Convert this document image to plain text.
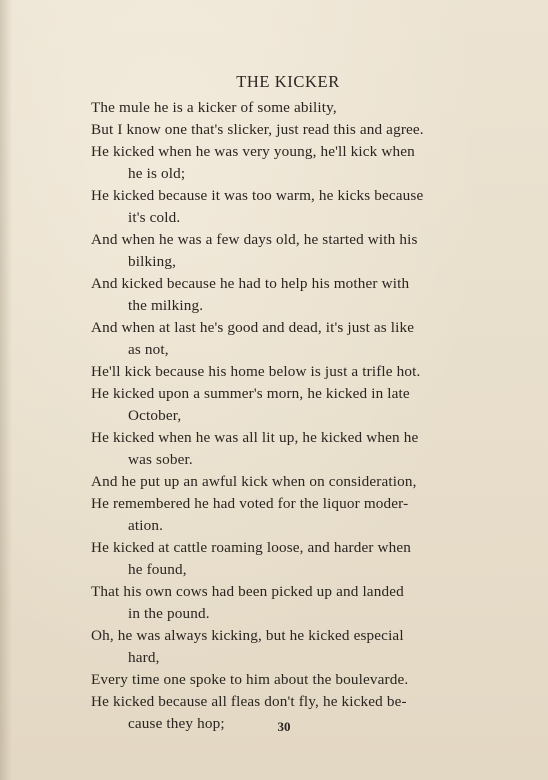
THE KICKER
The mule he is a kicker of some ability,
But I know one that's slicker, just read this and agree.
He kicked when he was very young, he'll kick when
he is old;
He kicked because it was too warm, he kicks because
it's cold.
And when he was a few days old, he started with his
bilking,
And kicked because he had to help his mother with
the milking.
And when at last he's good and dead, it's just as like
as not,
He'll kick because his home below is just a trifle hot.
He kicked upon a summer's morn, he kicked in late
October,
He kicked when he was all lit up, he kicked when he
was sober.
And he put up an awful kick when on consideration,
He remembered he had voted for the liquor moder-
ation.
He kicked at cattle roaming loose, and harder when
he found,
That his own cows had been picked up and landed
in the pound.
Oh, he was always kicking, but he kicked especial
hard,
Every time one spoke to him about the boulevarde.
He kicked because all fleas don't fly, he kicked be-
cause they hop;	30
